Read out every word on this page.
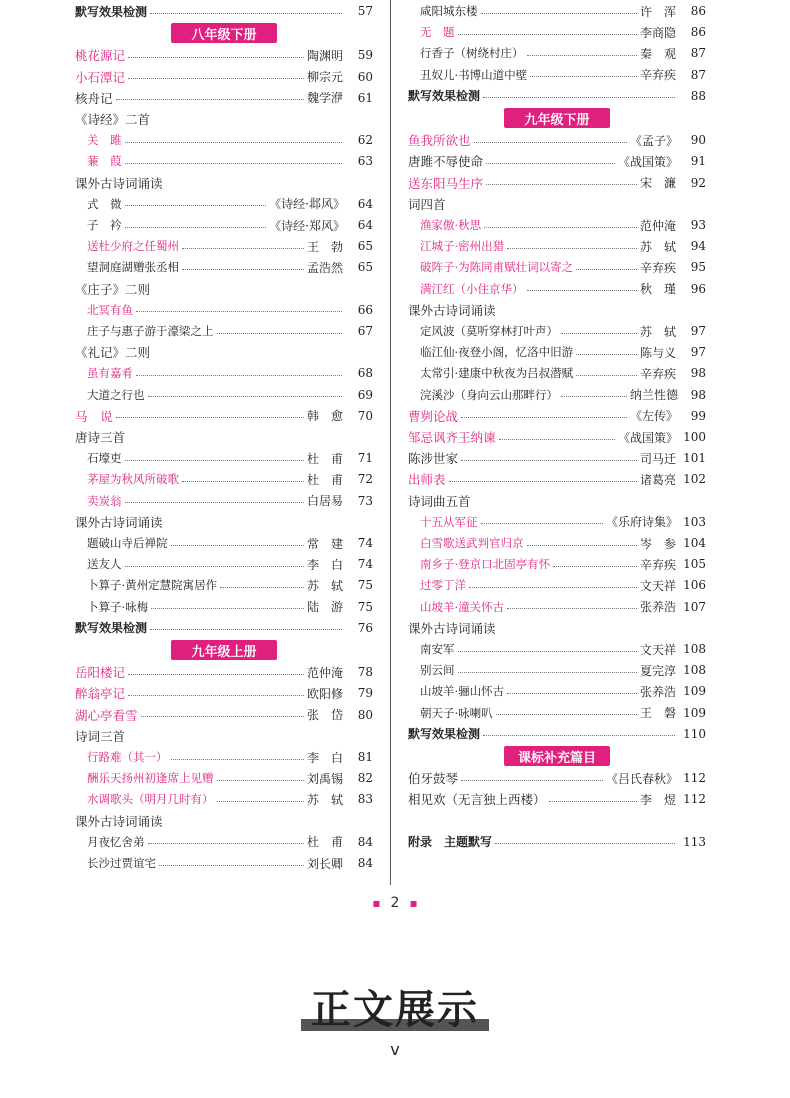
默写效果检测	57
八年级下册
桃花源记	陶渊明	59
小石潭记	柳宗元	60
核舟记	魏学洢	61
《诗经》二首
关　雎	62
蒹　葭	63
课外古诗词诵读
式　微	《诗经·邶风》	64
子　衿	《诗经·郑风》	64
送杜少府之任蜀州	王　勃	65
望洞庭湖赠张丞相	孟浩然	65
《庄子》二则
北冥有鱼	66
庄子与惠子游于濠梁之上	67
《礼记》二则
虽有嘉肴	68
大道之行也	69
马　说	韩　愈	70
唐诗三首
石壕吏	杜　甫	71
茅屋为秋风所破歌	杜　甫	72
卖炭翁	白居易	73
课外古诗词诵读
题破山寺后禅院	常　建	74
送友人	李　白	74
卜算子·黄州定慧院寓居作	苏　轼	75
卜算子·咏梅	陆　游	75
默写效果检测	76
九年级上册
岳阳楼记	范仲淹	78
醉翁亭记	欧阳修	79
湖心亭看雪	张　岱	80
诗词三首
行路难（其一）	李　白	81
酬乐天扬州初逢席上见赠	刘禹锡	82
水调歌头（明月几时有）	苏　轼	83
课外古诗词诵读
月夜忆舍弟	杜　甫	84
长沙过贾谊宅	刘长卿	84
咸阳城东楼	许　浑	86
无　题	李商隐	86
行香子（树绕村庄）	秦　观	87
丑奴儿·书博山道中壁	辛弃疾	87
默写效果检测	88
九年级下册
鱼我所欲也	《孟子》	90
唐雎不辱使命	《战国策》	91
送东阳马生序	宋　濂	92
词四首
渔家傲·秋思	范仲淹	93
江城子·密州出猎	苏　轼	94
破阵子·为陈同甫赋壮词以寄之	辛弃疾	95
满江红（小住京华）	秋　瑾	96
课外古诗词诵读
定风波（莫听穿林打叶声）	苏　轼	97
临江仙·夜登小阁，忆洛中旧游	陈与义	97
太常引·建康中秋夜为吕叔潜赋	辛弃疾	98
浣溪沙（身向云山那畔行）	纳兰性德	98
曹刿论战	《左传》	99
邹忌讽齐王纳谏	《战国策》 100
陈涉世家	司马迁 101
出师表	诸葛亮 102
诗词曲五首
十五从军征	《乐府诗集》 103
白雪歌送武判官归京	岑　参 104
南乡子·登京口北固亭有怀	辛弃疾 105
过零丁洋	文天祥 106
山坡羊·潼关怀古	张养浩 107
课外古诗词诵读
南安军	文天祥 108
别云间	夏完淳 108
山坡羊·骊山怀古	张养浩 109
朝天子·咏喇叭	王　磐 109
默写效果检测	110
课标补充篇目
伯牙鼓琴	《吕氏春秋》 112
相见欢（无言独上西楼）	李　煜 112
附录　主题默写	113
▪ 2 ▪
正文展示
v
